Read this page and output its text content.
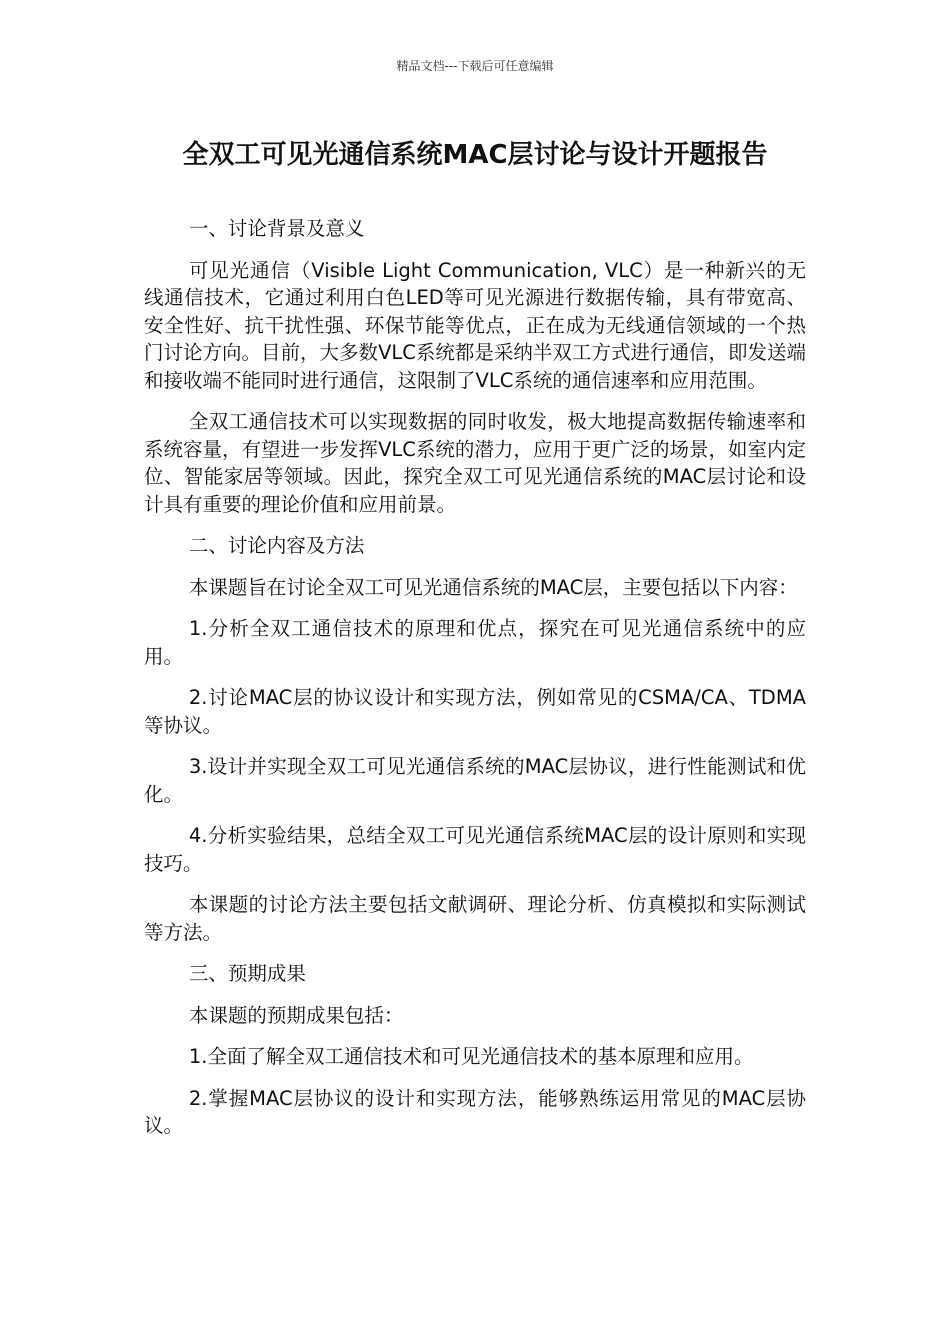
精品文档---下载后可任意编辑
全双工可见光通信系统MAC层讨论与设计开题报告

一、讨论背景及意义

可见光通信（Visible Light Communication, VLC）是一种新兴的无线通信技术，它通过利用白色LED等可见光源进行数据传输，具有带宽高、安全性好、抗干扰性强、环保节能等优点，正在成为无线通信领域的一个热门讨论方向。目前，大多数VLC系统都是采纳半双工方式进行通信，即发送端和接收端不能同时进行通信，这限制了VLC系统的通信速率和应用范围。

全双工通信技术可以实现数据的同时收发，极大地提高数据传输速率和系统容量，有望进一步发挥VLC系统的潜力，应用于更广泛的场景，如室内定位、智能家居等领域。因此，探究全双工可见光通信系统的MAC层讨论和设计具有重要的理论价值和应用前景。

二、讨论内容及方法

本课题旨在讨论全双工可见光通信系统的MAC层，主要包括以下内容：

1.分析全双工通信技术的原理和优点，探究在可见光通信系统中的应用。

2.讨论MAC层的协议设计和实现方法，例如常见的CSMA/CA、TDMA等协议。

3.设计并实现全双工可见光通信系统的MAC层协议，进行性能测试和优化。

4.分析实验结果，总结全双工可见光通信系统MAC层的设计原则和实现技巧。

本课题的讨论方法主要包括文献调研、理论分析、仿真模拟和实际测试等方法。

三、预期成果

本课题的预期成果包括：

1.全面了解全双工通信技术和可见光通信技术的基本原理和应用。

2.掌握MAC层协议的设计和实现方法，能够熟练运用常见的MAC层协议。
